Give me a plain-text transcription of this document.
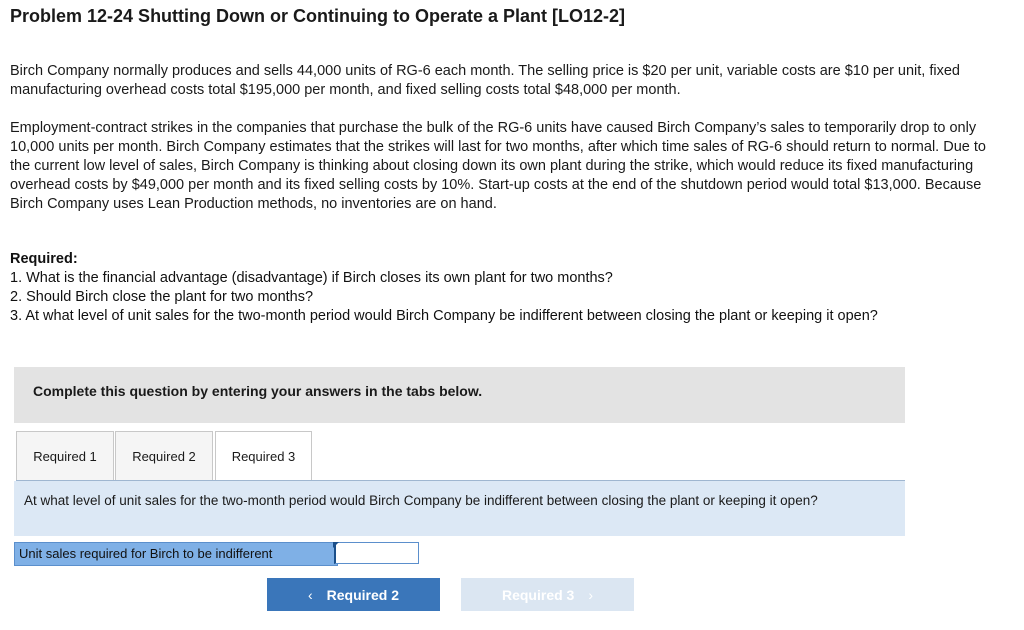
Problem 12-24 Shutting Down or Continuing to Operate a Plant [LO12-2]

Birch Company normally produces and sells 44,000 units of RG-6 each month. The selling price is $20 per unit, variable costs are $10 per unit, fixed manufacturing overhead costs total $195,000 per month, and fixed selling costs total $48,000 per month.

Employment-contract strikes in the companies that purchase the bulk of the RG-6 units have caused Birch Company’s sales to temporarily drop to only 10,000 units per month. Birch Company estimates that the strikes will last for two months, after which time sales of RG-6 should return to normal. Due to the current low level of sales, Birch Company is thinking about closing down its own plant during the strike, which would reduce its fixed manufacturing overhead costs by $49,000 per month and its fixed selling costs by 10%. Start-up costs at the end of the shutdown period would total $13,000. Because Birch Company uses Lean Production methods, no inventories are on hand.

Required:
1. What is the financial advantage (disadvantage) if Birch closes its own plant for two months?
2. Should Birch close the plant for two months?
3. At what level of unit sales for the two-month period would Birch Company be indifferent between closing the plant or keeping it open?
Complete this question by entering your answers in the tabs below.
Required 1	Required 2	Required 3
At what level of unit sales for the two-month period would Birch Company be indifferent between closing the plant or keeping it open?
Unit sales required for Birch to be indifferent
‹ Required 2	Required 3 ›
